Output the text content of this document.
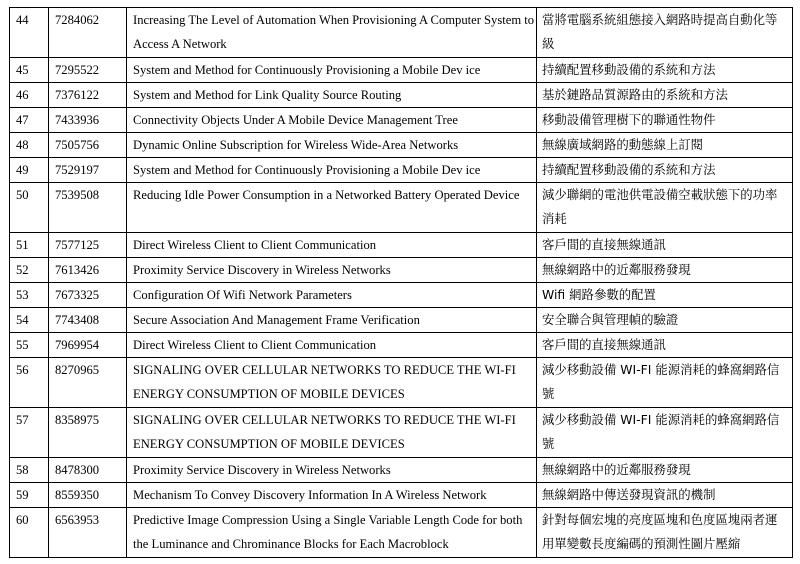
44	7284062	Increasing The Level of Automation When Provisioning A Computer System to Access A Network	當將電腦系統組態接入網路時提高自動化等級
45	7295522	System and Method for Continuously Provisioning a Mobile Dev ice	持續配置移動設備的系統和方法
46	7376122	System and Method for Link Quality Source Routing	基於鏈路品質源路由的系統和方法
47	7433936	Connectivity Objects Under A Mobile Device Management Tree	移動設備管理樹下的聯通性物件
48	7505756	Dynamic Online Subscription for Wireless Wide-Area Networks	無線廣域網路的動態線上訂閱
49	7529197	System and Method for Continuously Provisioning a Mobile Dev ice	持續配置移動設備的系統和方法
50	7539508	Reducing Idle Power Consumption in a Networked Battery Operated Device	減少聯網的電池供電設備空載狀態下的功率消耗
51	7577125	Direct Wireless Client to Client Communication	客戶間的直接無線通訊
52	7613426	Proximity Service Discovery in Wireless Networks	無線網路中的近鄰服務發現
53	7673325	Configuration Of Wifi Network Parameters	Wifi 網路參數的配置
54	7743408	Secure Association And Management Frame Verification	安全聯合與管理幀的驗證
55	7969954	Direct Wireless Client to Client Communication	客戶間的直接無線通訊
56	8270965	SIGNALING OVER CELLULAR NETWORKS TO REDUCE THE WI-FI ENERGY CONSUMPTION OF MOBILE DEVICES	減少移動設備 WI-FI 能源消耗的蜂窩網路信號
57	8358975	SIGNALING OVER CELLULAR NETWORKS TO REDUCE THE WI-FI ENERGY CONSUMPTION OF MOBILE DEVICES	減少移動設備 WI-FI 能源消耗的蜂窩網路信號
58	8478300	Proximity Service Discovery in Wireless Networks	無線網路中的近鄰服務發現
59	8559350	Mechanism To Convey Discovery Information In A Wireless Network	無線網路中傳送發現資訊的機制
60	6563953	Predictive Image Compression Using a Single Variable Length Code for both the Luminance and Chrominance Blocks for Each Macroblock	針對每個宏塊的亮度區塊和色度區塊兩者運用單變數長度編碼的預測性圖片壓縮
